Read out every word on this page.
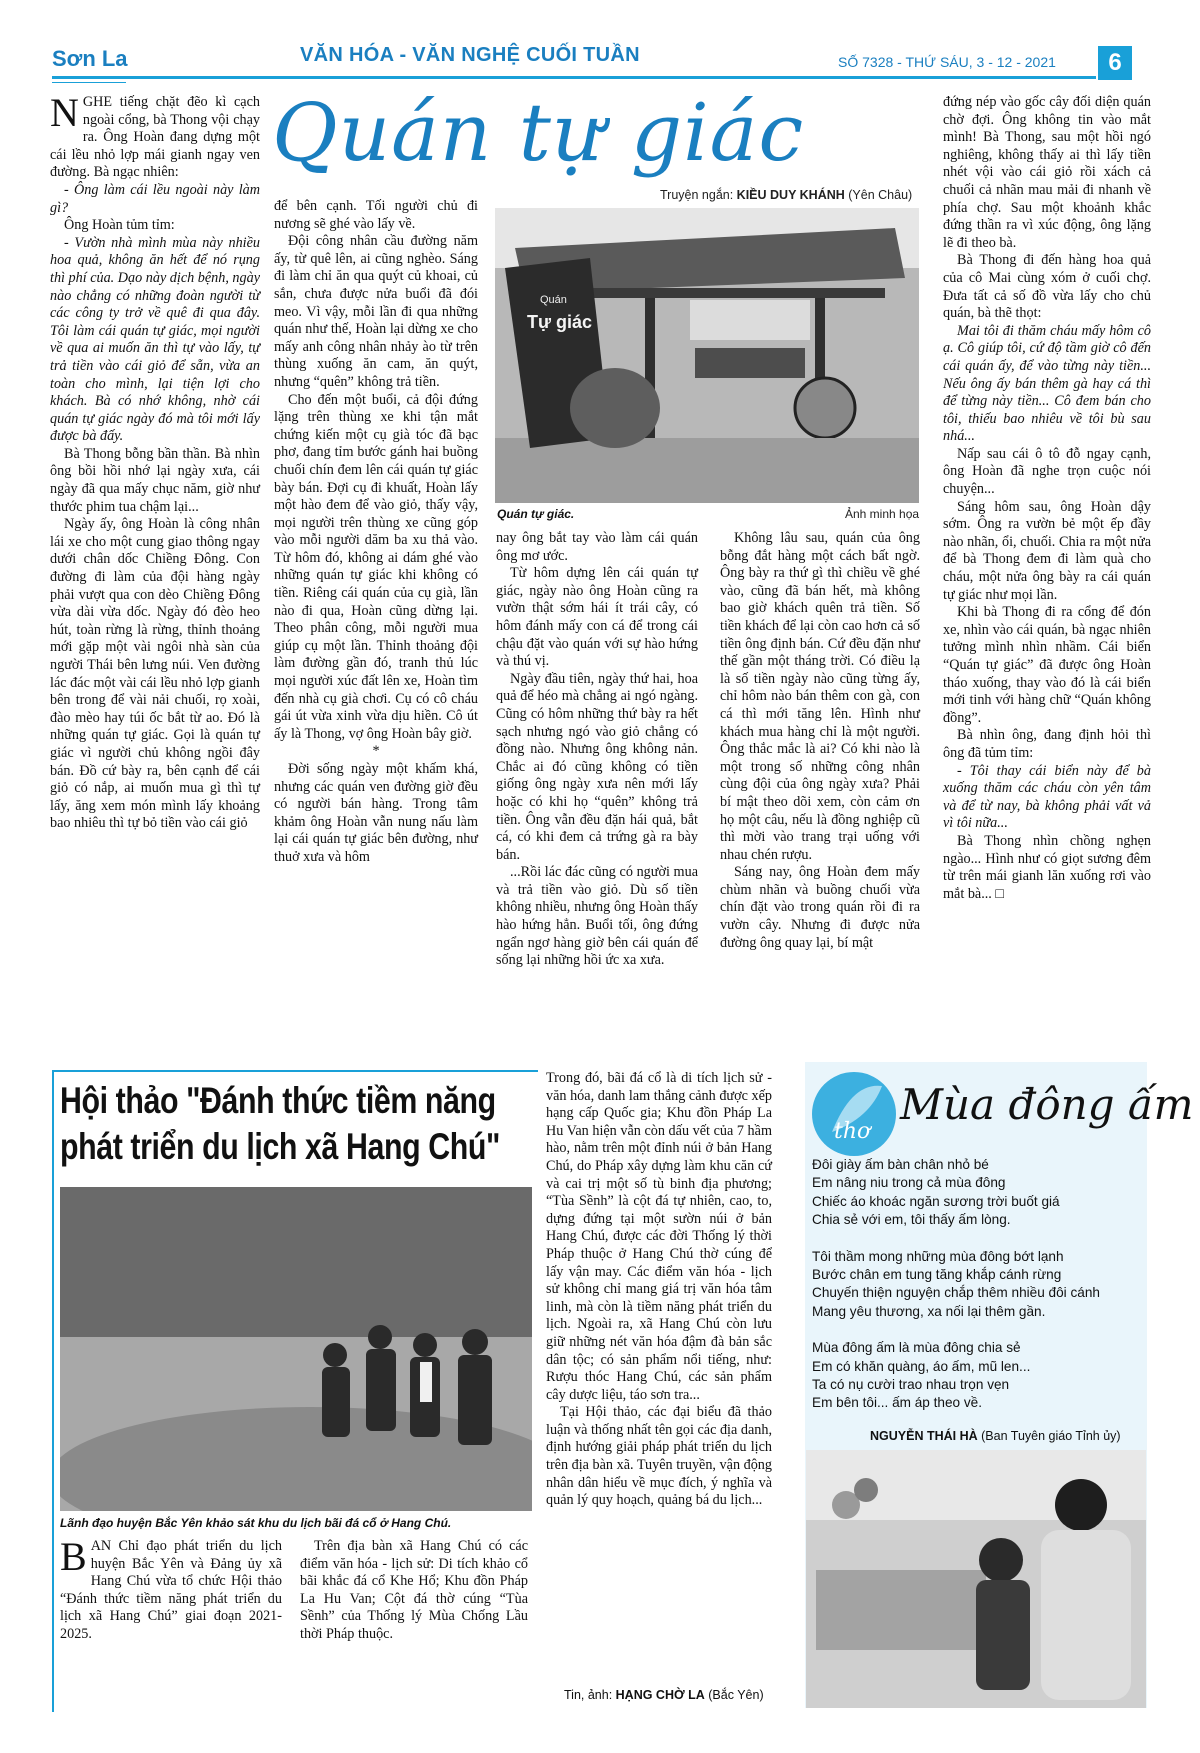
Sơn La	VĂN HÓA - VĂN NGHỆ CUỐI TUẦN	SỐ 7328 - THỨ SÁU, 3 - 12 - 2021	6
Quán tự giác
Truyện ngắn: KIỀU DUY KHÁNH (Yên Châu)
Quán
Tự giác
Quán tự giác.	Ảnh minh họa

NGHE tiếng chặt đẽo kì cạch ngoài cổng, bà Thong vội chạy ra. Ông Hoàn đang dựng một cái lều nhỏ lợp mái gianh ngay ven đường. Bà ngạc nhiên:

- Ông làm cái lều ngoài này làm gì?

Ông Hoàn tủm tỉm:

- Vườn nhà mình mùa này nhiều hoa quả, không ăn hết để nó rụng thì phí của. Dạo này dịch bệnh, ngày nào chẳng có những đoàn người từ các công ty trở về quê đi qua đây. Tôi làm cái quán tự giác, mọi người về qua ai muốn ăn thì tự vào lấy, tự trả tiền vào cái giỏ để sẵn, vừa an toàn cho mình, lại tiện lợi cho khách. Bà có nhớ không, nhờ cái quán tự giác ngày đó mà tôi mới lấy được bà đấy.

Bà Thong bỗng bần thần. Bà nhìn ông bồi hồi nhớ lại ngày xưa, cái ngày đã qua mấy chục năm, giờ như thước phim tua chậm lại...

Ngày ấy, ông Hoàn là công nhân lái xe cho một cung giao thông ngay dưới chân dốc Chiềng Đông. Con đường đi làm của đội hàng ngày phải vượt qua con dèo Chiềng Đông vừa dài vừa dốc. Ngày đó đèo heo hút, toàn rừng là rừng, thỉnh thoảng mới gặp một vài ngôi nhà sàn của người Thái bên lưng núi. Ven đường lác đác một vài cái lều nhỏ lợp gianh bên trong để vài nải chuối, rọ xoài, đào mèo hay túi ốc bắt từ ao. Đó là những quán tự giác. Gọi là quán tự giác vì người chủ không ngồi đây bán. Đồ cứ bày ra, bên cạnh để cái giỏ có nắp, ai muốn mua gì thì tự lấy, ăng xem món mình lấy khoảng bao nhiêu thì tự bỏ tiền vào cái giỏ

để bên cạnh. Tối người chủ đi nương sẽ ghé vào lấy về.

Đội công nhân cầu đường năm ấy, từ quê lên, ai cũng nghèo. Sáng đi làm chỉ ăn qua quýt củ khoai, củ sắn, chưa được nửa buổi đã đói meo. Vì vậy, mỗi lần đi qua những quán như thế, Hoàn lại dừng xe cho mấy anh công nhân nhảy ào từ trên thùng xuống ăn cam, ăn quýt, nhưng “quên” không trả tiền.

Cho đến một buổi, cả đội đứng lặng trên thùng xe khi tận mắt chứng kiến một cụ già tóc đã bạc phơ, đang tỉm bước gánh hai buồng chuối chín đem lên cái quán tự giác bày bán. Đợi cụ đi khuất, Hoàn lấy một hào đem để vào giỏ, thấy vậy, mọi người trên thùng xe cũng góp vào mỗi người dăm ba xu thả vào. Từ hôm đó, không ai dám ghé vào những quán tự giác khi không có tiền. Riêng cái quán của cụ già, lần nào đi qua, Hoàn cũng dừng lại. Theo phân công, mỗi người mua giúp cụ một lần. Thỉnh thoảng đội làm đường gần đó, tranh thủ lúc mọi người xúc đất lên xe, Hoàn tìm đến nhà cụ già chơi. Cụ có cô cháu gái út vừa xinh vừa dịu hiền. Cô út ấy là Thong, vợ ông Hoàn bây giờ.

*

Đời sống ngày một khấm khá, nhưng các quán ven đường giờ đều có người bán hàng. Trong tâm khảm ông Hoàn vẫn nung nấu làm lại cái quán tự giác bên đường, như thuở xưa và hôm

nay ông bắt tay vào làm cái quán ông mơ ước.

Từ hôm dựng lên cái quán tự giác, ngày nào ông Hoàn cũng ra vườn thật sớm hái ít trái cây, có hôm đánh mấy con cá để trong cái chậu đặt vào quán với sự hào hứng và thú vị.

Ngày đầu tiên, ngày thứ hai, hoa quả để héo mà chẳng ai ngó ngàng. Cũng có hôm những thứ bày ra hết sạch nhưng ngó vào giỏ chẳng có đồng nào. Nhưng ông không nản. Chắc ai đó cũng không có tiền giống ông ngày xưa nên mới lấy hoặc có khi họ “quên” không trả tiền. Ông vẫn đều đặn hái quả, bắt cá, có khi đem cả trứng gà ra bày bán.

...Rồi lác đác cũng có người mua và trả tiền vào giỏ. Dù số tiền không nhiều, nhưng ông Hoàn thấy hào hứng hẳn. Buổi tối, ông đứng ngẩn ngơ hàng giờ bên cái quán để sống lại những hồi ức xa xưa.

Không lâu sau, quán của ông bỗng đắt hàng một cách bất ngờ. Ông bày ra thứ gì thì chiều về ghé vào, cũng đã bán hết, mà không bao giờ khách quên trả tiền. Số tiền khách để lại còn cao hơn cả số tiền ông định bán. Cứ đều đặn như thế gần một tháng trời. Có điều lạ là số tiền ngày nào cũng từng ấy, chỉ hôm nào bán thêm con gà, con cá thì mới tăng lên. Hình như khách mua hàng chỉ là một người. Ông thắc mắc là ai? Có khi nào là một trong số những công nhân cùng đội của ông ngày xưa? Phải bí mật theo dõi xem, còn cảm ơn họ một câu, nếu là đồng nghiệp cũ thì mời vào trang trại uống với nhau chén rượu.

Sáng nay, ông Hoàn đem mấy chùm nhãn và buồng chuối vừa chín đặt vào trong quán rồi đi ra vườn cây. Nhưng đi được nửa đường ông quay lại, bí mật

đứng nép vào gốc cây đối diện quán chờ đợi. Ông không tin vào mắt mình! Bà Thong, sau một hồi ngó nghiêng, không thấy ai thì lấy tiền nhét vội vào cái giỏ rồi xách cả chuối cả nhãn mau mải đi nhanh về phía chợ. Sau một khoảnh khắc đứng thần ra vì xúc động, ông lặng lẽ đi theo bà.

Bà Thong đi đến hàng hoa quả của cô Mai cùng xóm ở cuối chợ. Đưa tất cả số đồ vừa lấy cho chủ quán, bà thẽ thọt:

Mai tôi đi thăm cháu mấy hôm cô ạ. Cô giúp tôi, cứ độ tầm giờ cô đến cái quán ấy, để vào từng này tiền... Nếu ông ấy bán thêm gà hay cá thì để từng này tiền... Cô đem bán cho tôi, thiếu bao nhiêu về tôi bù sau nhá...

Nấp sau cái ô tô đỗ ngay cạnh, ông Hoàn đã nghe trọn cuộc nói chuyện...

Sáng hôm sau, ông Hoàn dậy sớm. Ông ra vườn bẻ một ếp đầy nào nhãn, ổi, chuối. Chia ra một nửa để bà Thong đem đi làm quà cho cháu, một nửa ông bày ra cái quán tự giác như mọi lần.

Khi bà Thong đi ra cổng để đón xe, nhìn vào cái quán, bà ngạc nhiên tưởng mình nhìn nhầm. Cái biển “Quán tự giác” đã được ông Hoàn tháo xuống, thay vào đó là cái biển mới tinh với hàng chữ “Quán không đồng”.

Bà nhìn ông, đang định hỏi thì ông đã tủm tỉm:

- Tôi thay cái biển này để bà xuống thăm các cháu còn yên tâm và để từ nay, bà không phải vất vả vì tôi nữa...

Bà Thong nhìn chồng nghẹn ngào... Hình như có giọt sương đêm từ trên mái gianh lăn xuống rơi vào mắt bà... □

Hội thảo "Đánh thức tiềm năng phát triển du lịch xã Hang Chú"
Lãnh đạo huyện Bắc Yên khảo sát khu du lịch bãi đá cổ ở Hang Chú.

BAN Chỉ đạo phát triển du lịch huyện Bắc Yên và Đảng ủy xã Hang Chú vừa tổ chức Hội thảo “Đánh thức tiềm năng phát triển du lịch xã Hang Chú” giai đoạn 2021-2025.

Trên địa bàn xã Hang Chú có các điểm văn hóa - lịch sử: Di tích khảo cổ bãi khắc đá cổ Khe Hổ; Khu đồn Pháp La Hu Van; Cột đá thờ cúng “Tùa Sềnh” của Thống lý Mùa Chống Lầu thời Pháp thuộc.

Trong đó, bãi đá cổ là di tích lịch sử - văn hóa, danh lam thắng cảnh được xếp hạng cấp Quốc gia; Khu đồn Pháp La Hu Van hiện vẫn còn dấu vết của 7 hầm hào, nằm trên một đỉnh núi ở bản Hang Chú, do Pháp xây dựng làm khu căn cứ và cai trị một số tù binh địa phương; “Tùa Sềnh” là cột đá tự nhiên, cao, to, dựng đứng tại một sườn núi ở bản Hang Chú, được các đời Thống lý thời Pháp thuộc ở Hang Chú thờ cúng để lấy vận may. Các điểm văn hóa - lịch sử không chỉ mang giá trị văn hóa tâm linh, mà còn là tiềm năng phát triển du lịch. Ngoài ra, xã Hang Chú còn lưu giữ những nét văn hóa đậm đà bản sắc dân tộc; có sản phẩm nổi tiếng, như: Rượu thóc Hang Chú, các sản phẩm cây dược liệu, táo sơn tra...

Tại Hội thảo, các đại biểu đã thảo luận và thống nhất tên gọi các địa danh, định hướng giải pháp phát triển du lịch trên địa bàn xã. Tuyên truyền, vận động nhân dân hiểu về mục đích, ý nghĩa và quản lý quy hoạch, quảng bá du lịch...

Tin, ảnh: HẠNG CHỜ LA (Bắc Yên)
thơ
Mùa đông ấm
Đôi giày ấm bàn chân nhỏ bé
Em nâng niu trong cả mùa đông
Chiếc áo khoác ngăn sương trời buốt giá
Chia sẻ với em, tôi thấy ấm lòng.
Tôi thầm mong những mùa đông bớt lạnh
Bước chân em tung tăng khắp cánh rừng
Chuyến thiện nguyện chắp thêm nhiều đôi cánh
Mang yêu thương, xa nối lại thêm gần.
Mùa đông ấm là mùa đông chia sẻ
Em có khăn quàng, áo ấm, mũ len...
Ta có nụ cười trao nhau trọn vẹn
Em bên tôi... ấm áp theo về.
NGUYỄN THÁI HÀ (Ban Tuyên giáo Tỉnh ủy)
